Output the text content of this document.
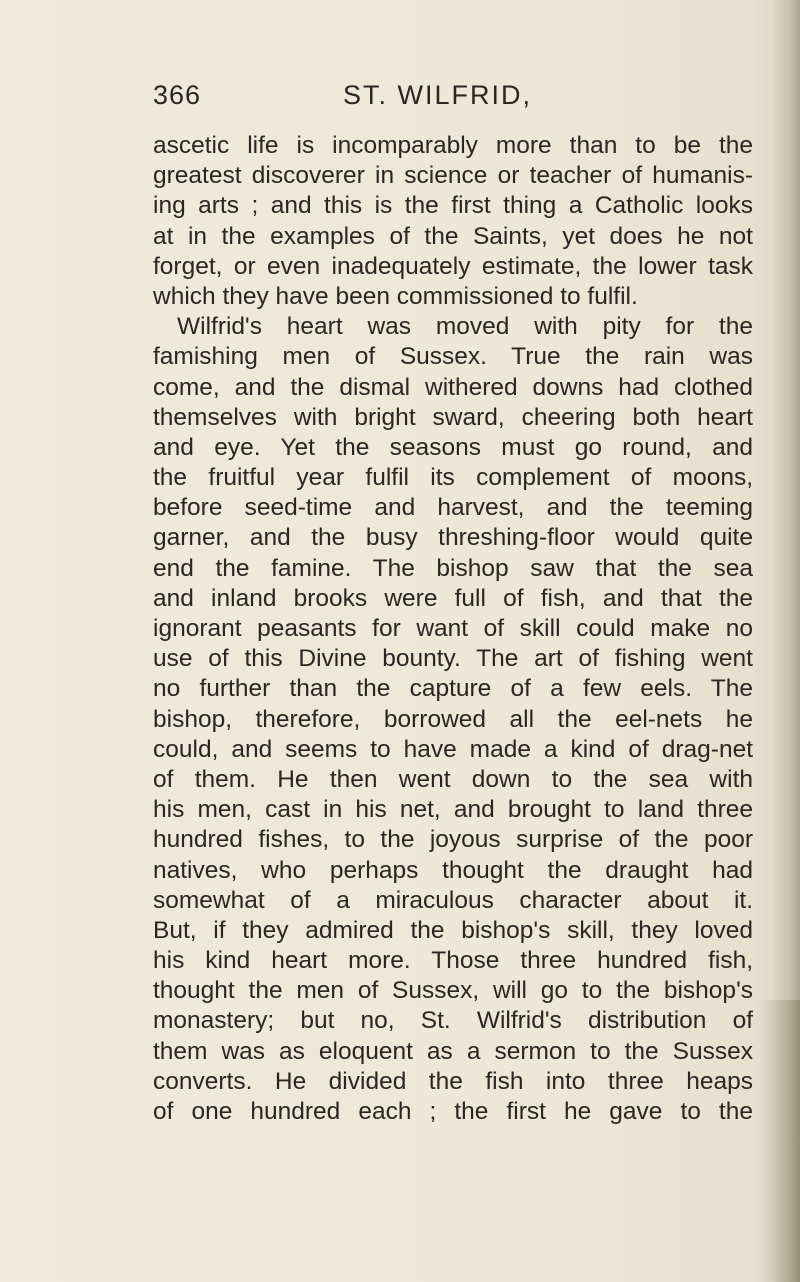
366	ST. WILFRID,
ascetic life is incomparably more than to be the
greatest discoverer in science or teacher of humanis-
ing arts ; and this is the first thing a Catholic looks
at in the examples of the Saints, yet does he not
forget, or even inadequately estimate, the lower task
which they have been commissioned to fulfil.
Wilfrid's heart was moved with pity for the
famishing men of Sussex. True the rain was
come, and the dismal withered downs had clothed
themselves with bright sward, cheering both heart
and eye. Yet the seasons must go round, and
the fruitful year fulfil its complement of moons,
before seed-time and harvest, and the teeming
garner, and the busy threshing-floor would quite
end the famine. The bishop saw that the sea
and inland brooks were full of fish, and that the
ignorant peasants for want of skill could make no
use of this Divine bounty. The art of fishing went
no further than the capture of a few eels. The
bishop, therefore, borrowed all the eel-nets he
could, and seems to have made a kind of drag-net
of them. He then went down to the sea with
his men, cast in his net, and brought to land three
hundred fishes, to the joyous surprise of the poor
natives, who perhaps thought the draught had
somewhat of a miraculous character about it.
But, if they admired the bishop's skill, they loved
his kind heart more. Those three hundred fish,
thought the men of Sussex, will go to the bishop's
monastery; but no, St. Wilfrid's distribution of
them was as eloquent as a sermon to the Sussex
converts. He divided the fish into three heaps
of one hundred each ; the first he gave to the
